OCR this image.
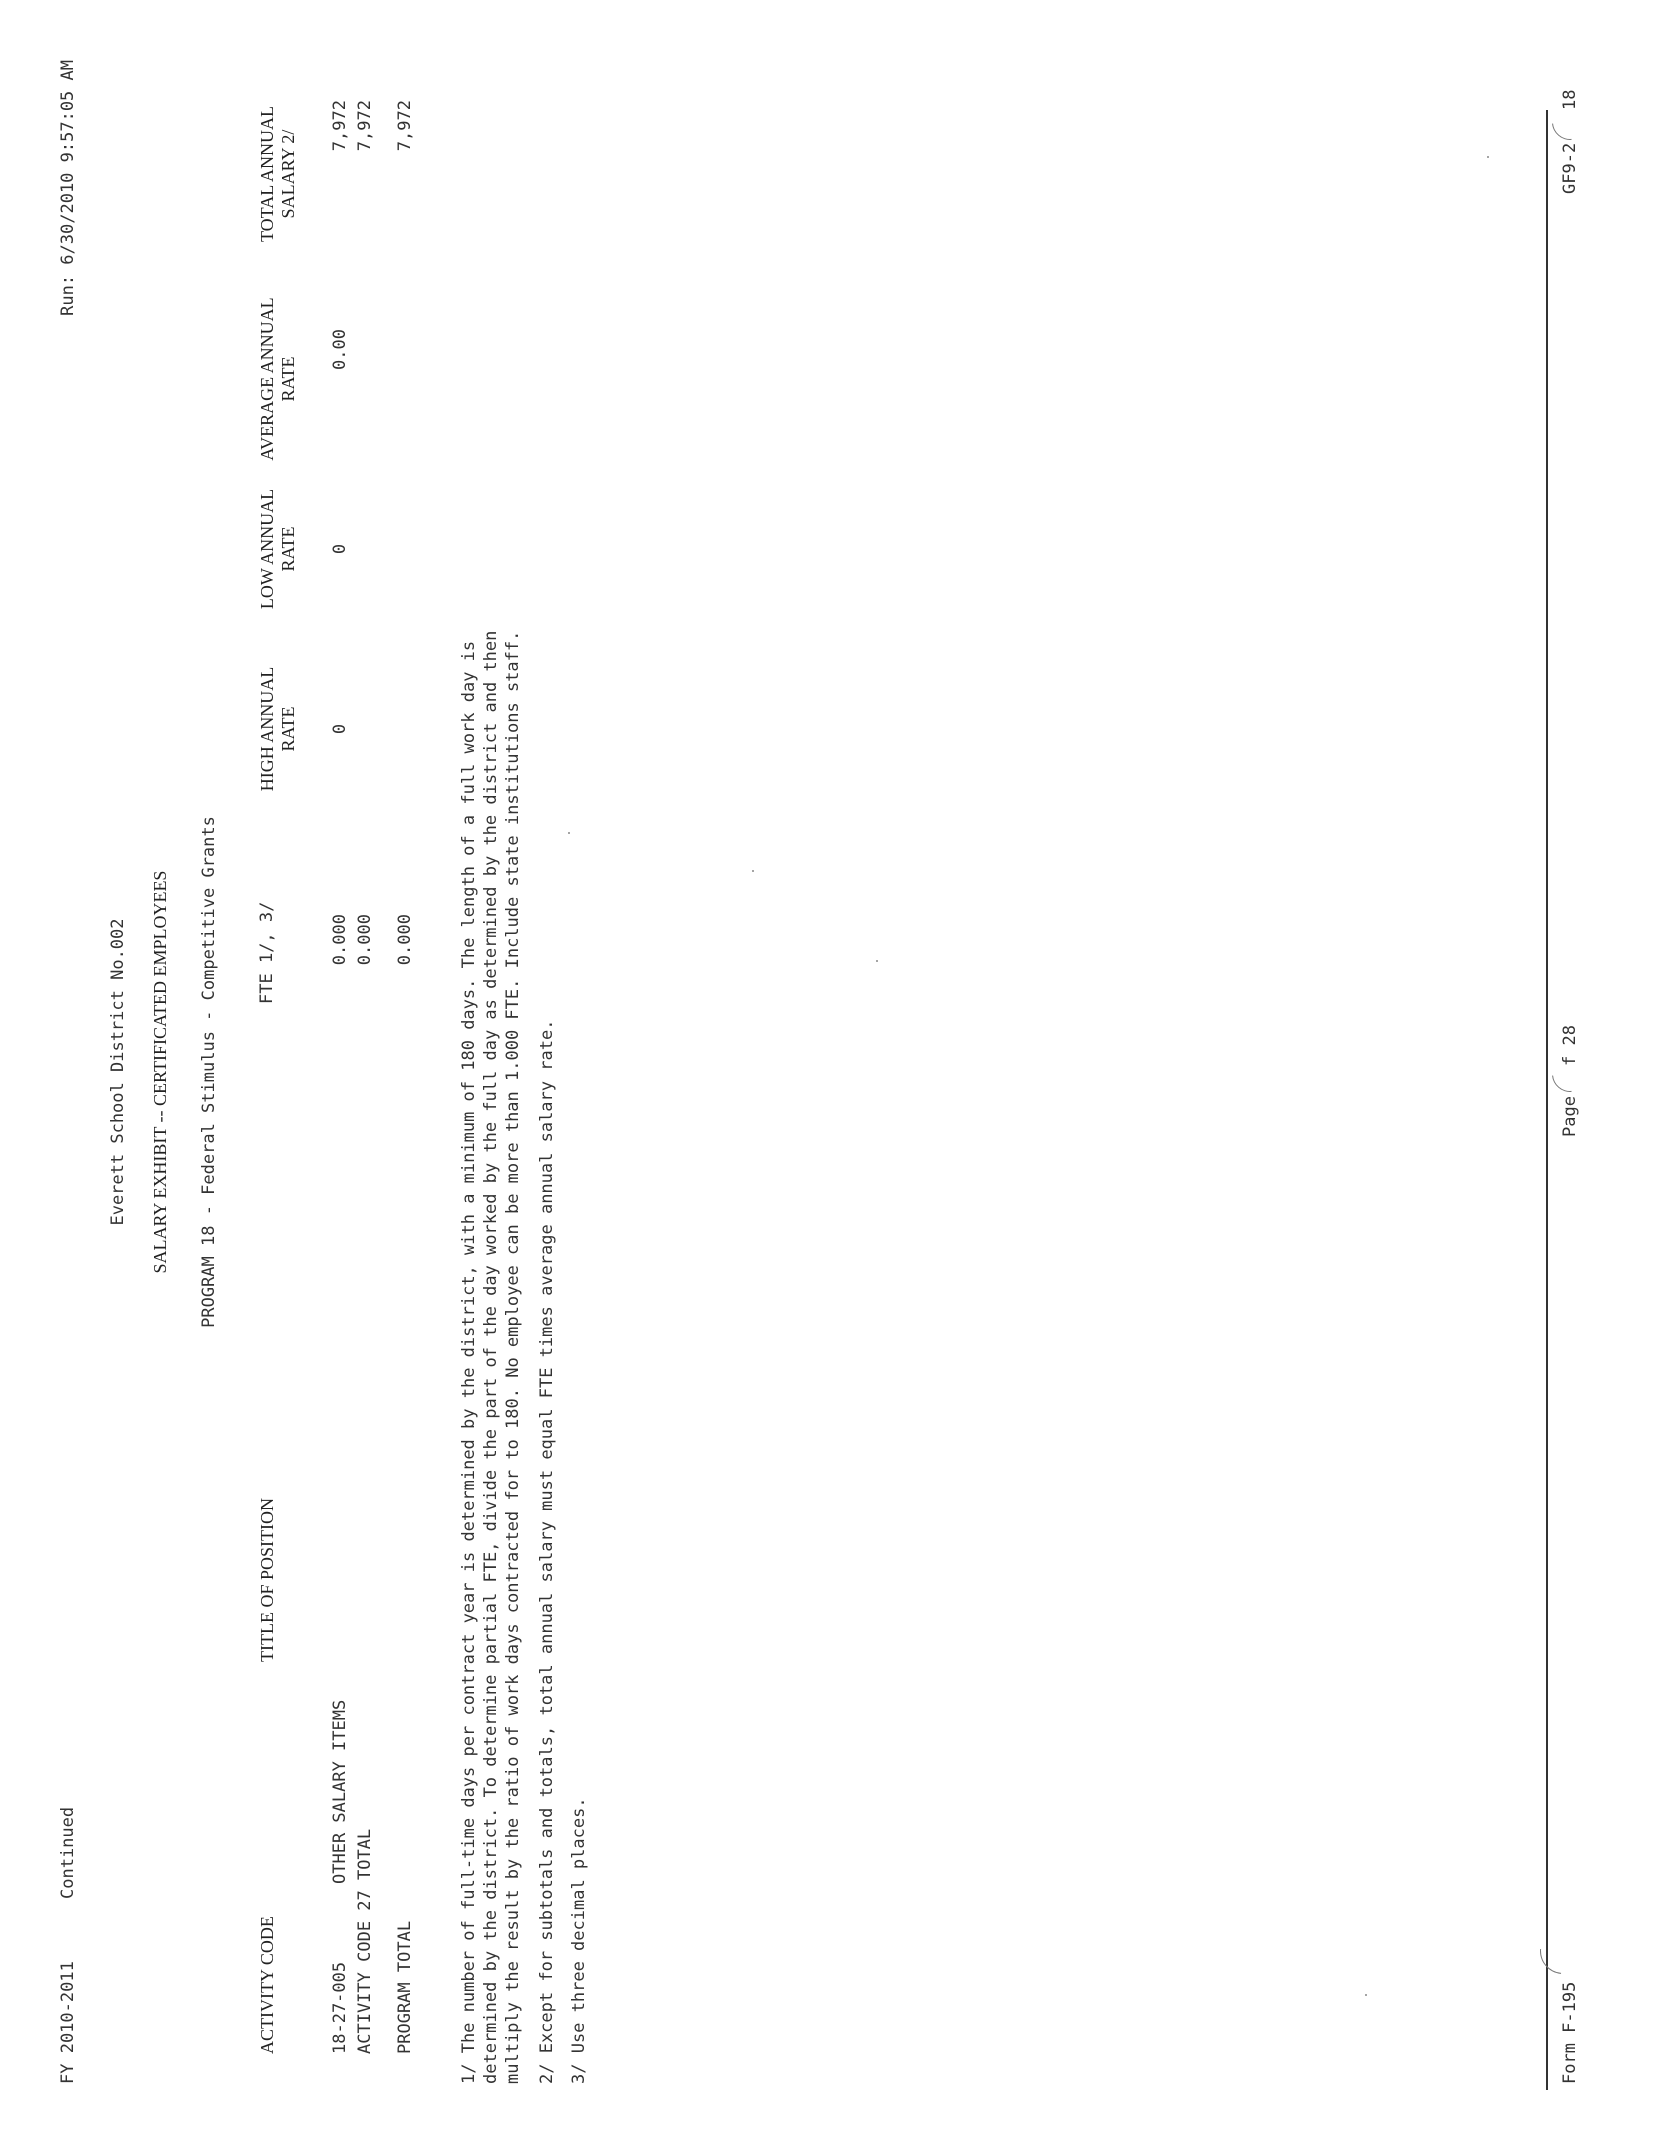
FY 2010-2011
Continued
Run: 6/30/2010 9:57:05 AM
Everett School District No.002 SALARY EXHIBIT -- CERTIFICATED EMPLOYEES PROGRAM 18 - Federal Stimulus - Competitive Grants
ACTIVITY CODE
TITLE OF POSITION
FTE 1/, 3/
HIGH ANNUAL RATE
LOW ANNUAL RATE
AVERAGE ANNUAL RATE
TOTAL ANNUAL SALARY 2/
18-27-005
OTHER SALARY ITEMS
0.000
0
0
0.00
7,972
ACTIVITY CODE 27 TOTAL
0.000
7,972
PROGRAM TOTAL
0.000
7,972
1/ The number of full-time days per contract year is determined by the district, with a minimum of 180 days. The length of a full work day is determined by the district. To determine partial FTE, divide the part of the day worked by the full day as determined by the district and then multiply the result by the ratio of work days contracted for to 180. No employee can be more than 1.000 FTE. Include state institutions staff. 2/ Except for subtotals and totals, total annual salary must equal FTE times average annual salary rate. 3/ Use three decimal places.	Form F-195
Page
f 28
GF9-2
18
